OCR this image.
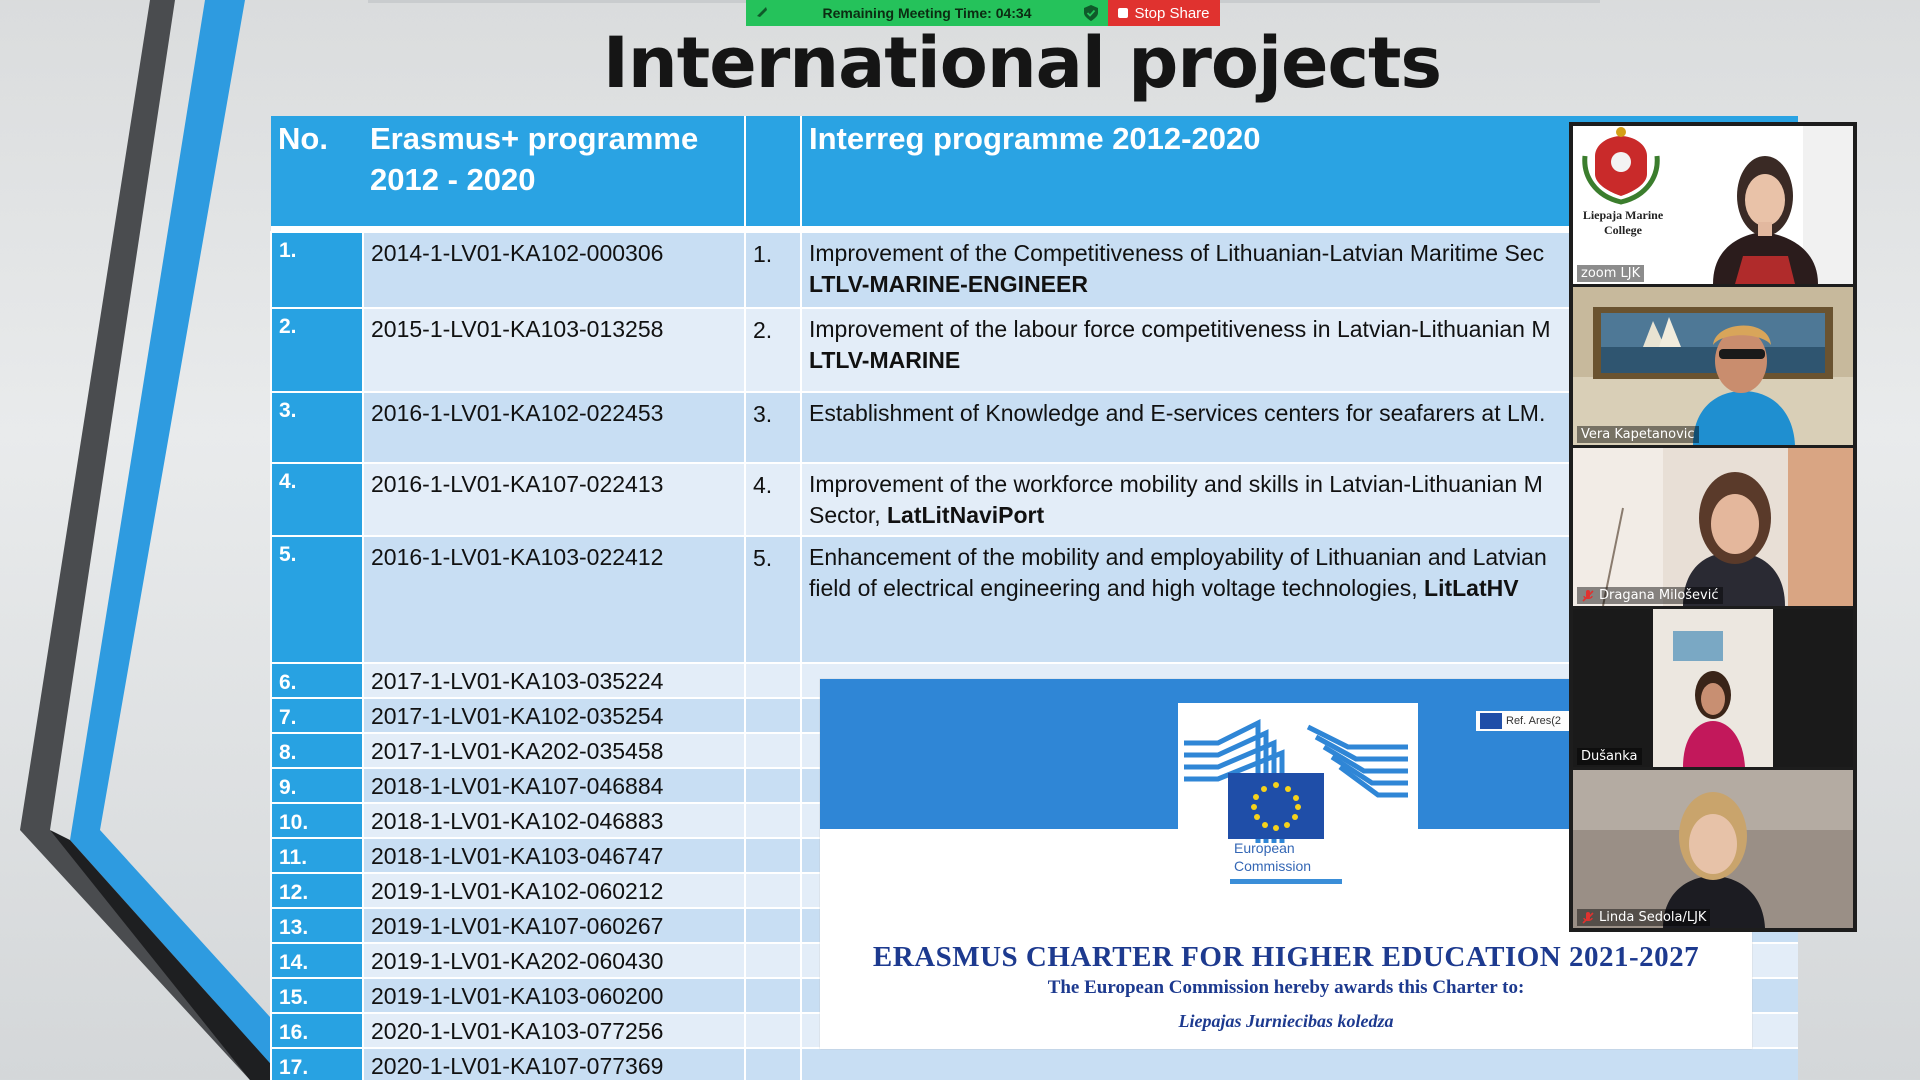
Remaining Meeting Time: 04:34	Stop Share
International projects
No.	Erasmus+ programme 2012 - 2020		Interreg programme 2012-2020

1.	2014-1-LV01-KA102-000306	1.	Improvement of the Competitiveness of Lithuanian-Latvian Maritime Sec
LTLV-MARINE-ENGINEER
2.	2015-1-LV01-KA103-013258	2.	Improvement of the labour force competitiveness in Latvian-Lithuanian M
LTLV-MARINE
3.	2016-1-LV01-KA102-022453	3.	Establishment of Knowledge and E-services centers for seafarers at LM.
4.	2016-1-LV01-KA107-022413	4.	Improvement of the workforce mobility and skills in Latvian-Lithuanian M
Sector, LatLitNaviPort
5.	2016-1-LV01-KA103-022412	5.	Enhancement of the mobility and employability of Lithuanian and Latvian
field of electrical engineering and high voltage technologies, LitLatHV
6.	2017-1-LV01-KA103-035224		

7.	2017-1-LV01-KA102-035254		

8.	2017-1-LV01-KA202-035458		

9.	2018-1-LV01-KA107-046884		

10.	2018-1-LV01-KA102-046883		

11.	2018-1-LV01-KA103-046747		

12.	2019-1-LV01-KA102-060212		

13.	2019-1-LV01-KA107-060267		

14.	2019-1-LV01-KA202-060430		

15.	2019-1-LV01-KA103-060200		

16.	2020-1-LV01-KA103-077256		

17.	2020-1-LV01-KA107-077369		

Ref. Ares(2
European
Commission
ERASMUS CHARTER FOR HIGHER EDUCATION 2021-2027
The European Commission hereby awards this Charter to:
Liepajas Jurniecibas koledza
Liepaja Marine
College
zoom LJK
Vera Kapetanovic
Dragana Milošević
Dušanka
Linda Sedola/LJK
